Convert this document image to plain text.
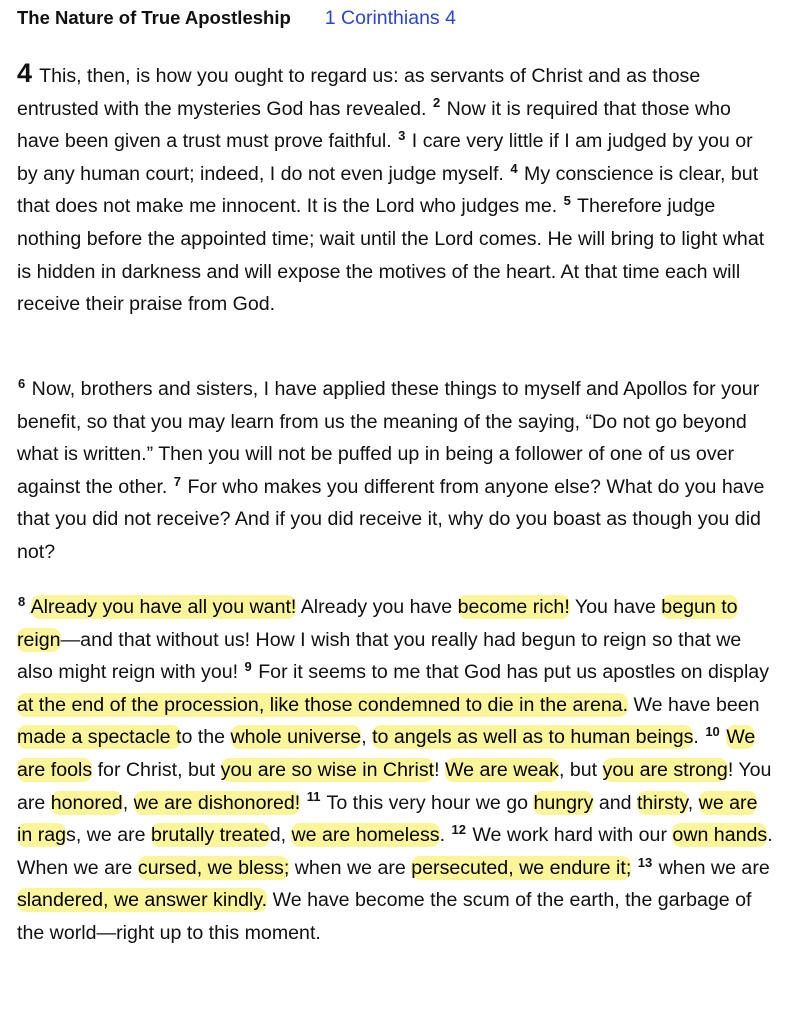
The Nature of True Apostleship 1 Corinthians 4

4 This, then, is how you ought to regard us: as servants of Christ and as those entrusted with the mysteries God has revealed. $^2$ Now it is required that those who have been given a trust must prove faithful. $^3$ I care very little if I am judged by you or by any human court; indeed, I do not even judge myself. $^4$ My conscience is clear, but that does not make me innocent. It is the Lord who judges me. $^5$ Therefore judge nothing before the appointed time; wait until the Lord comes. He will bring to light what is hidden in darkness and will expose the motives of the heart. At that time each will receive their praise from God.

$^6$ Now, brothers and sisters, I have applied these things to myself and Apollos for your benefit, so that you may learn from us the meaning of the saying, “Do not go beyond what is written.” Then you will not be puffed up in being a follower of one of us over against the other. $^7$ For who makes you different from anyone else? What do you have that you did not receive? And if you did receive it, why do you boast as though you did not?

$^8$ Already you have all you want! Already you have become rich! You have begun to reign—and that without us! How I wish that you really had begun to reign so that we also might reign with you! $^9$ For it seems to me that God has put us apostles on display at the end of the procession, like those condemned to die in the arena. We have been made a spectacle to the whole universe, to angels as well as to human beings. $^{10}$ We are fools for Christ, but you are so wise in Christ! We are weak, but you are strong! You are honored, we are dishonored! $^{11}$ To this very hour we go hungry and thirsty, we are in rags, we are brutally treated, we are homeless. $^{12}$ We work hard with our own hands. When we are cursed, we bless; when we are persecuted, we endure it; $^{13}$ when we are slandered, we answer kindly. We have become the scum of the earth, the garbage of the world—right up to this moment.
